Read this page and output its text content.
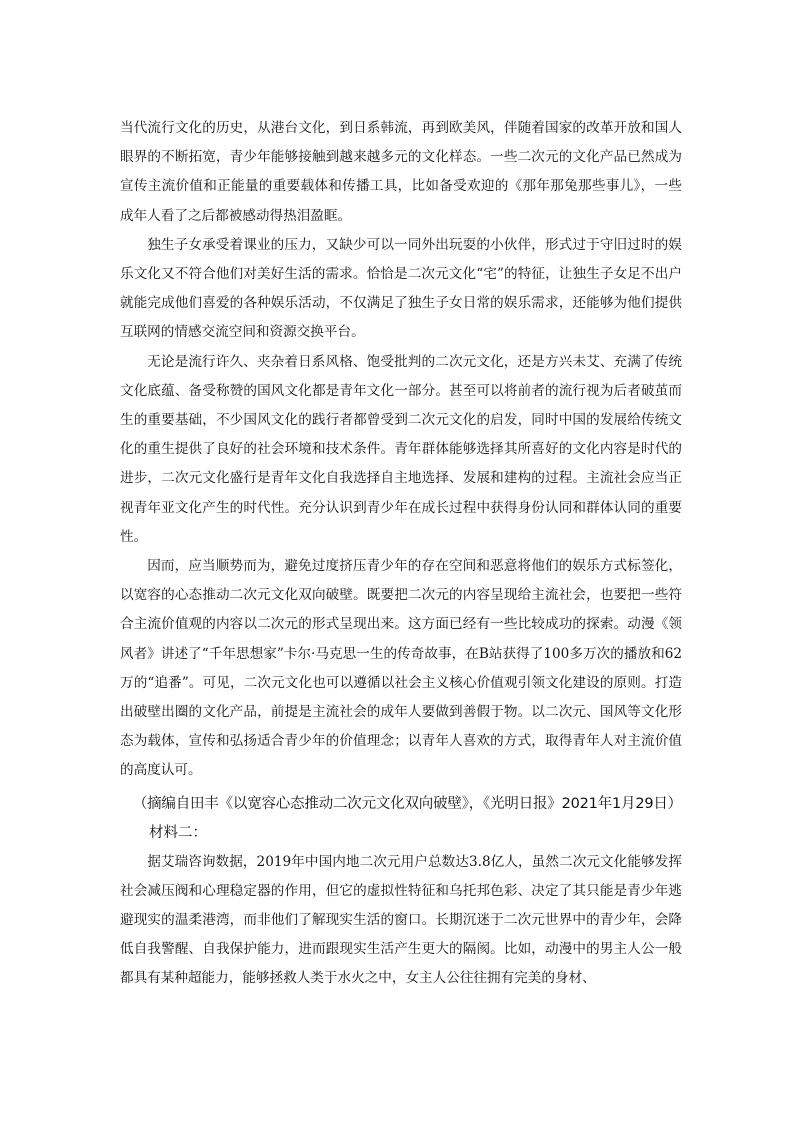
当代流行文化的历史，从港台文化，到日系韩流，再到欧美风，伴随着国家的改革开放和国人眼界的不断拓宽，青少年能够接触到越来越多元的文化样态。一些二次元的文化产品已然成为宣传主流价值和正能量的重要载体和传播工具，比如备受欢迎的《那年那兔那些事儿》，一些成年人看了之后都被感动得热泪盈眶。

独生子女承受着课业的压力，又缺少可以一同外出玩耍的小伙伴，形式过于守旧过时的娱乐文化又不符合他们对美好生活的需求。恰恰是二次元文化“宅”的特征，让独生子女足不出户就能完成他们喜爱的各种娱乐活动，不仅满足了独生子女日常的娱乐需求，还能够为他们提供互联网的情感交流空间和资源交换平台。

无论是流行许久、夹杂着日系风格、饱受批判的二次元文化，还是方兴未艾、充满了传统文化底蕴、备受称赞的国风文化都是青年文化一部分。甚至可以将前者的流行视为后者破茧而生的重要基础，不少国风文化的践行者都曾受到二次元文化的启发，同时中国的发展给传统文化的重生提供了良好的社会环境和技术条件。青年群体能够选择其所喜好的文化内容是时代的进步，二次元文化盛行是青年文化自我选择自主地选择、发展和建构的过程。主流社会应当正视青年亚文化产生的时代性。充分认识到青少年在成长过程中获得身份认同和群体认同的重要性。

因而，应当顺势而为，避免过度挤压青少年的存在空间和恶意将他们的娱乐方式标签化，以宽容的心态推动二次元文化双向破壁。既要把二次元的内容呈现给主流社会，也要把一些符合主流价值观的内容以二次元的形式呈现出来。这方面已经有一些比较成功的探索。动漫《领风者》讲述了“千年思想家”卡尔·马克思一生的传奇故事，在B站获得了100多万次的播放和62万的“追番”。可见，二次元文化也可以遵循以社会主义核心价值观引领文化建设的原则。打造出破壁出圈的文化产品，前提是主流社会的成年人要做到善假于物。以二次元、国风等文化形态为载体，宣传和弘扬适合青少年的价值理念；以青年人喜欢的方式，取得青年人对主流价值的高度认可。

（摘编自田丰《以宽容心态推动二次元文化双向破壁》，《光明日报》2021年1月29日）

材料二：

据艾瑞咨询数据，2019年中国内地二次元用户总数达3.8亿人，虽然二次元文化能够发挥社会减压阀和心理稳定器的作用，但它的虚拟性特征和乌托邦色彩、决定了其只能是青少年逃避现实的温柔港湾，而非他们了解现实生活的窗口。长期沉迷于二次元世界中的青少年，会降低自我警醒、自我保护能力，进而跟现实生活产生更大的隔阂。比如，动漫中的男主人公一般都具有某种超能力，能够拯救人类于水火之中，女主人公往往拥有完美的身材、
